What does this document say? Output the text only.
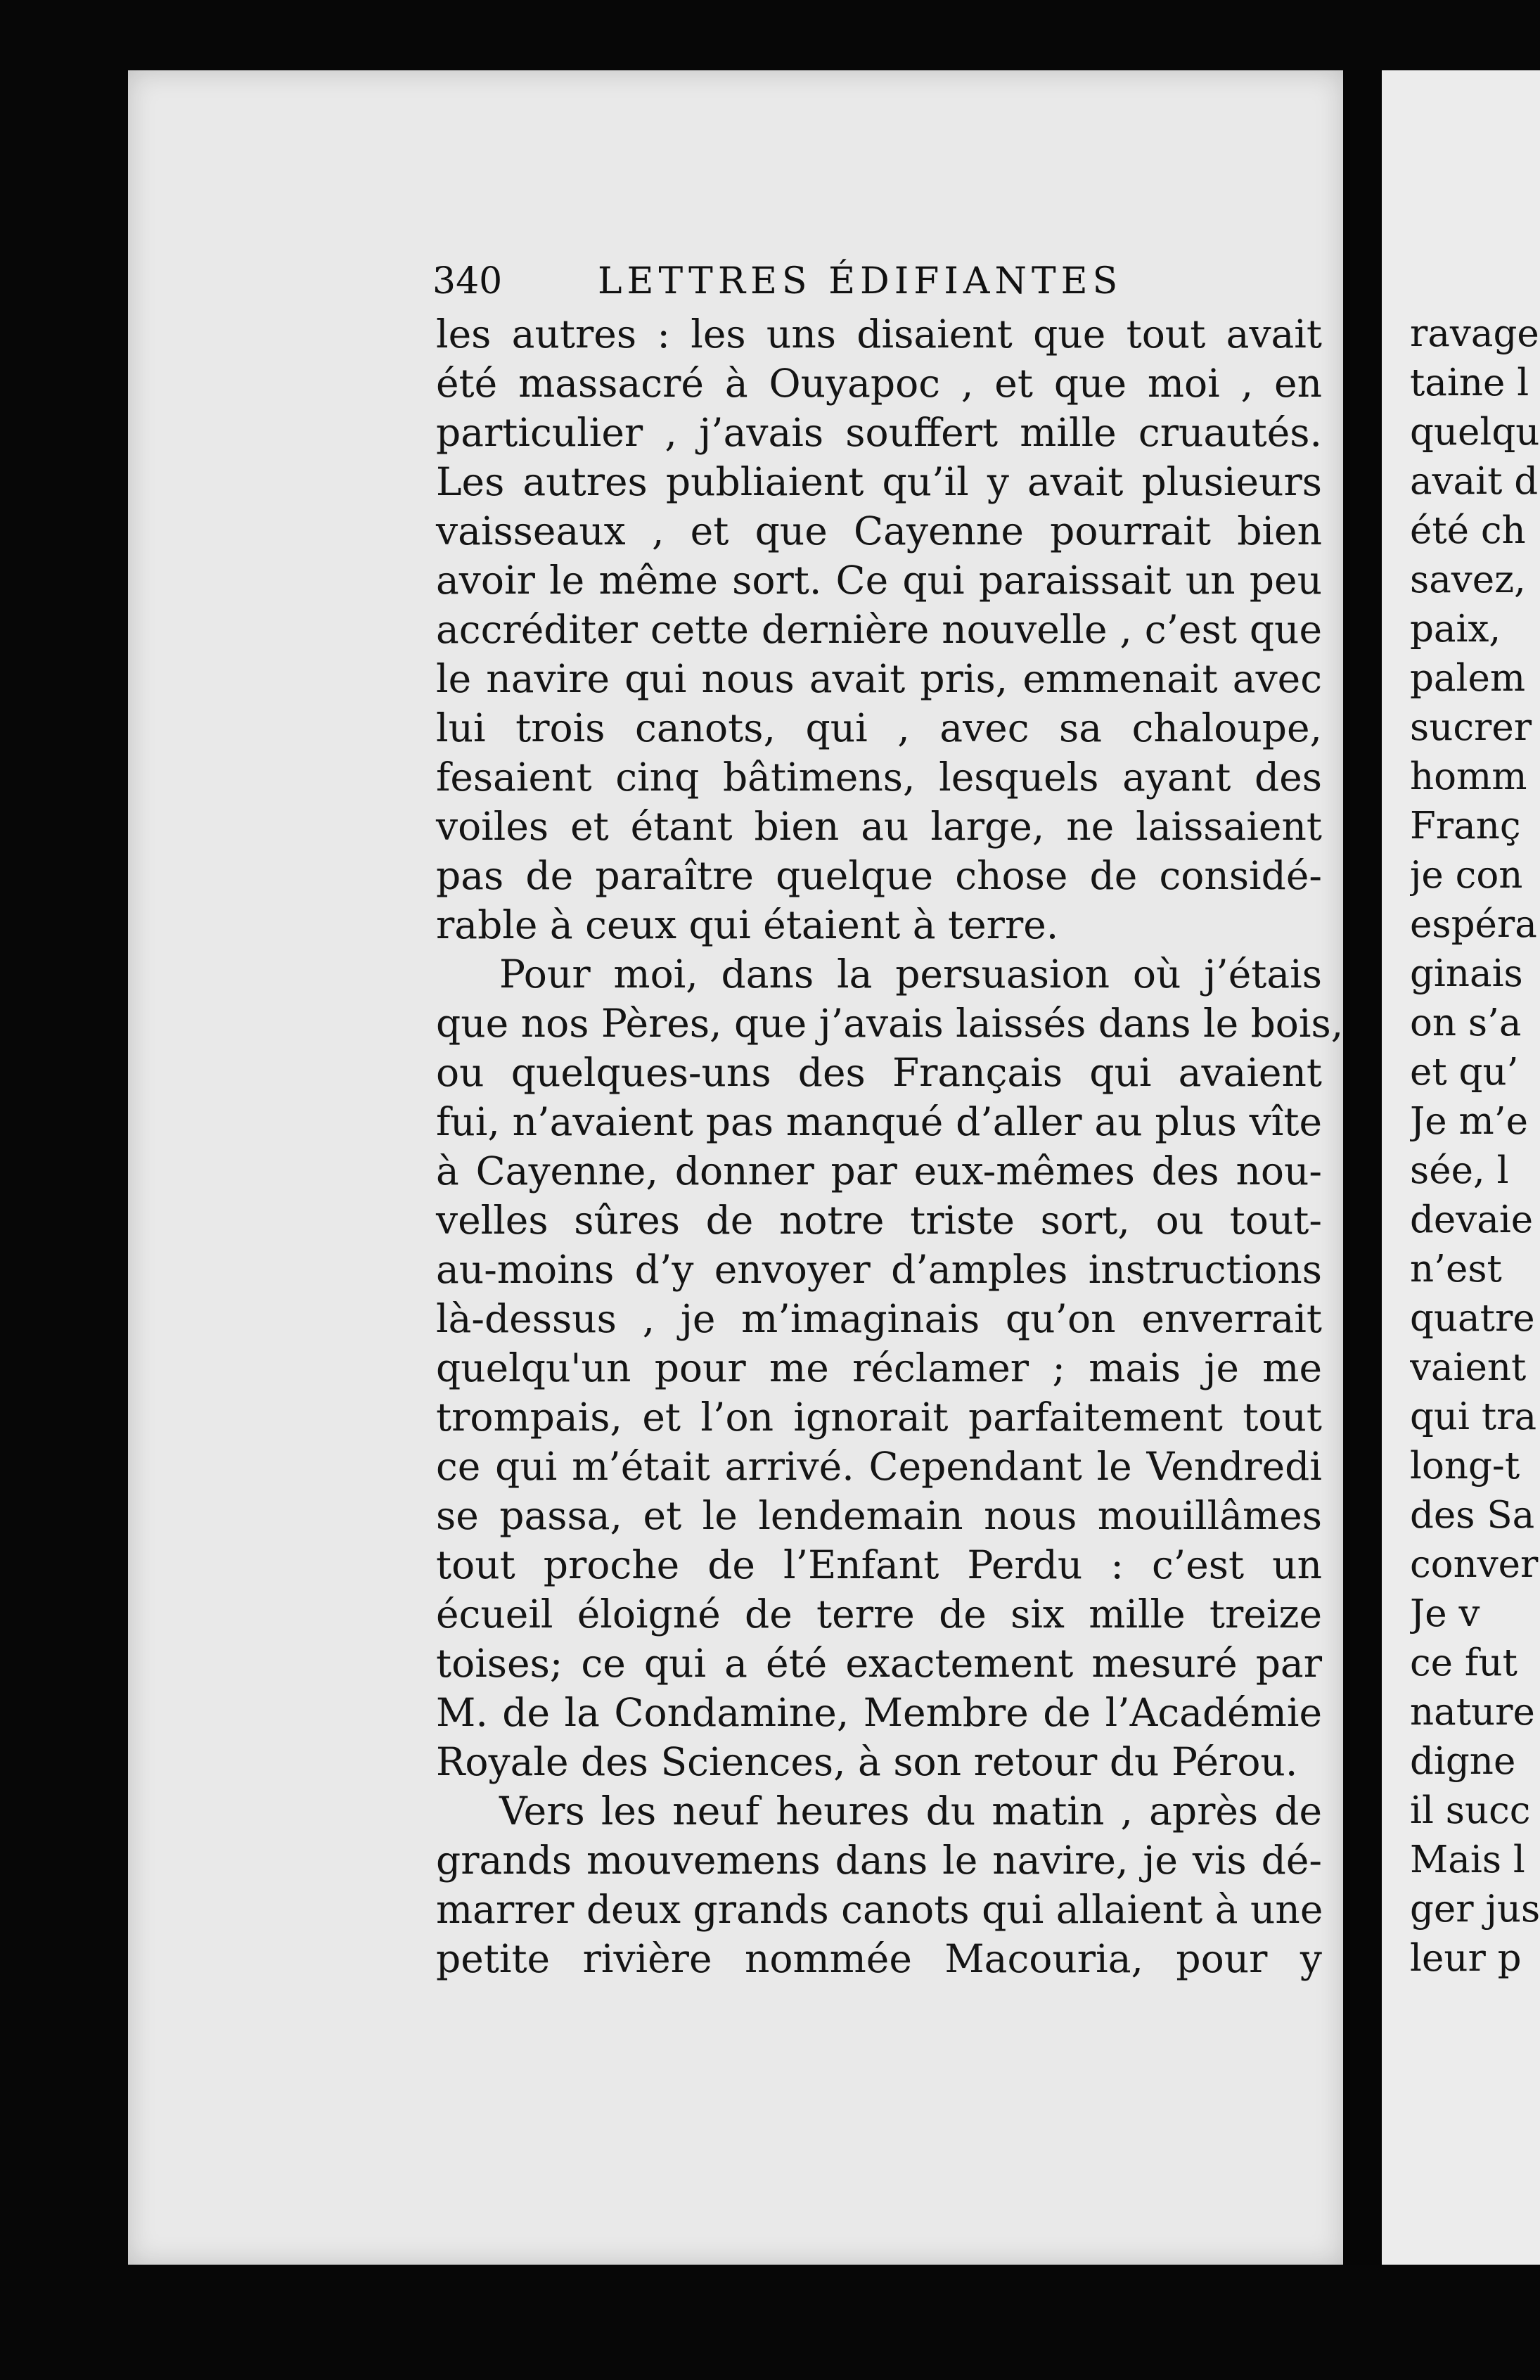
340	LETTRES ÉDIFIANTES
les autres : les uns disaient que tout avait
été massacré à Ouyapoc , et que moi , en
particulier , j’avais souffert mille cruautés.
Les autres publiaient qu’il y avait plusieurs
vaisseaux , et que Cayenne pourrait bien
avoir le même sort. Ce qui paraissait un peu
accréditer cette dernière nouvelle , c’est que
le navire qui nous avait pris, emmenait avec
lui trois canots, qui , avec sa chaloupe,
fesaient cinq bâtimens, lesquels ayant des
voiles et étant bien au large, ne laissaient
pas de paraître quelque chose de considé-
rable à ceux qui étaient à terre.
Pour moi, dans la persuasion où j’étais
que nos Pères, que j’avais laissés dans le bois,
ou quelques-uns des Français qui avaient
fui, n’avaient pas manqué d’aller au plus vîte
à Cayenne, donner par eux-mêmes des nou-
velles sûres de notre triste sort, ou tout-
au-moins d’y envoyer d’amples instructions
là-dessus , je m’imaginais qu’on enverrait
quelqu'un pour me réclamer ; mais je me
trompais, et l’on ignorait parfaitement tout
ce qui m’était arrivé. Cependant le Vendredi
se passa, et le lendemain nous mouillâmes
tout proche de l’Enfant Perdu : c’est un
écueil éloigné de terre de six mille treize
toises; ce qui a été exactement mesuré par
M. de la Condamine, Membre de l’Académie
Royale des Sciences, à son retour du Pérou.
Vers les neuf heures du matin , après de
grands mouvemens dans le navire, je vis dé-
marrer deux grands canots qui allaient à une
petite rivière nommée Macouria, pour y
ravage
taine l
quelqu
avait d
été ch
savez,
paix,
palem
sucrer
homm
Franç
je con
espéra
ginais
on s’a
et qu’
Je m’e
sée, l
devaie
n’est
quatre
vaient
qui tra
long-t
des Sa
conver
Je v
ce fut
nature
digne
il succ
Mais l
ger jus
leur p
